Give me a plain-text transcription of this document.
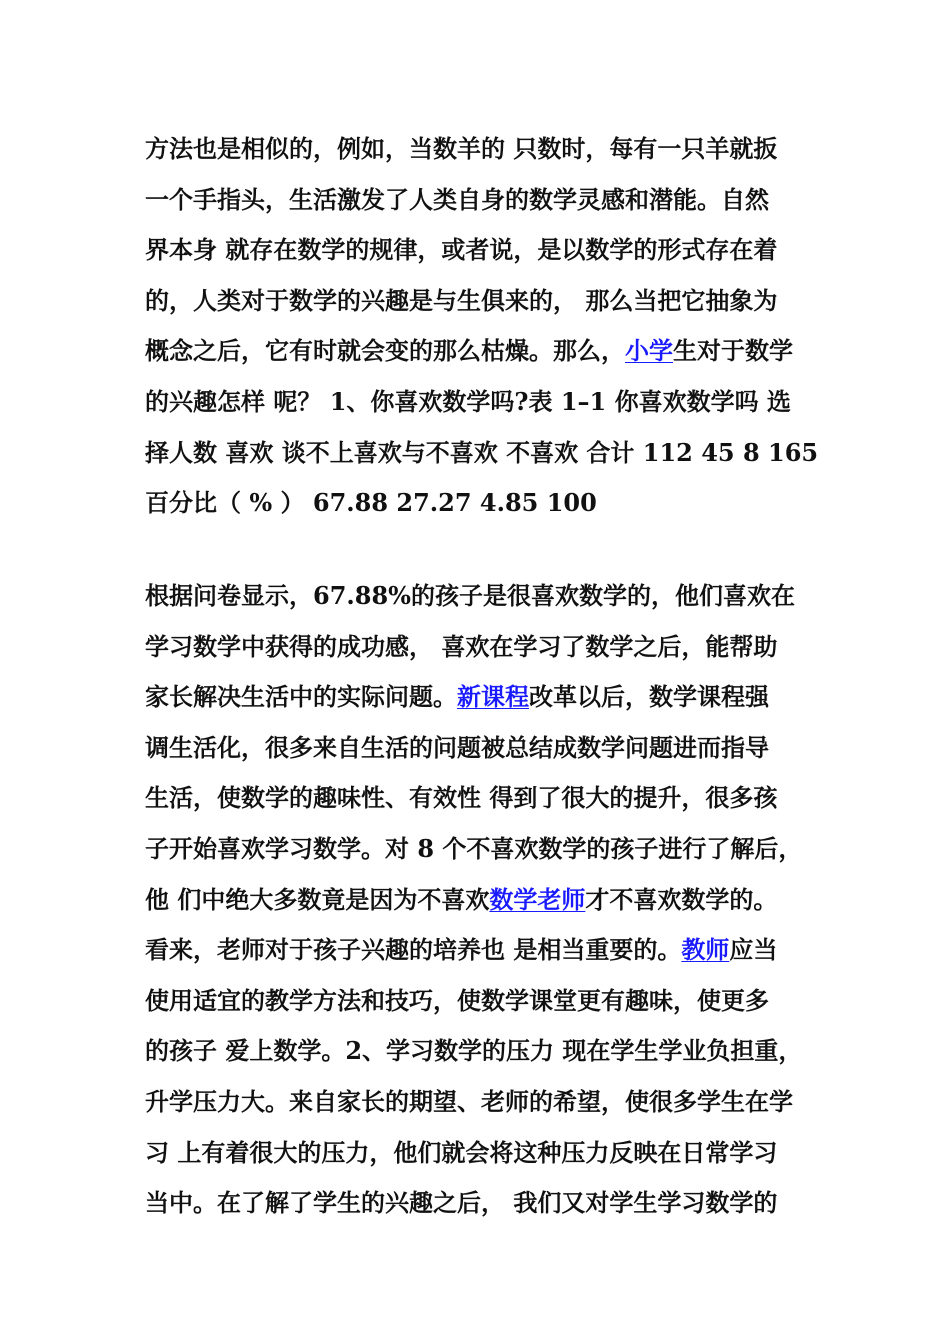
方法也是相似的，例如，当数羊的 只数时，每有一只羊就扳
一个手指头，生活激发了人类自身的数学灵感和潜能。自然
界本身 就存在数学的规律，或者说，是以数学的形式存在着
的，人类对于数学的兴趣是与生俱来的， 那么当把它抽象为
概念之后，它有时就会变的那么枯燥。那么，小学生对于数学
的兴趣怎样 呢？ 1、你喜欢数学吗?表 1–1 你喜欢数学吗 选
择人数 喜欢 谈不上喜欢与不喜欢 不喜欢 合计 112 45 8 165
百分比（ % ） 67.88 27.27 4.85 100
根据问卷显示，67.88%的孩子是很喜欢数学的，他们喜欢在
学习数学中获得的成功感， 喜欢在学习了数学之后，能帮助
家长解决生活中的实际问题。新课程改革以后，数学课程强
调生活化，很多来自生活的问题被总结成数学问题进而指导
生活，使数学的趣味性、有效性 得到了很大的提升，很多孩
子开始喜欢学习数学。对 8 个不喜欢数学的孩子进行了解后，
他 们中绝大多数竟是因为不喜欢数学老师才不喜欢数学的。
看来，老师对于孩子兴趣的培养也 是相当重要的。教师应当
使用适宜的教学方法和技巧，使数学课堂更有趣味，使更多
的孩子 爱上数学。2、学习数学的压力 现在学生学业负担重，
升学压力大。来自家长的期望、老师的希望，使很多学生在学
习 上有着很大的压力，他们就会将这种压力反映在日常学习
当中。在了解了学生的兴趣之后， 我们又对学生学习数学的
